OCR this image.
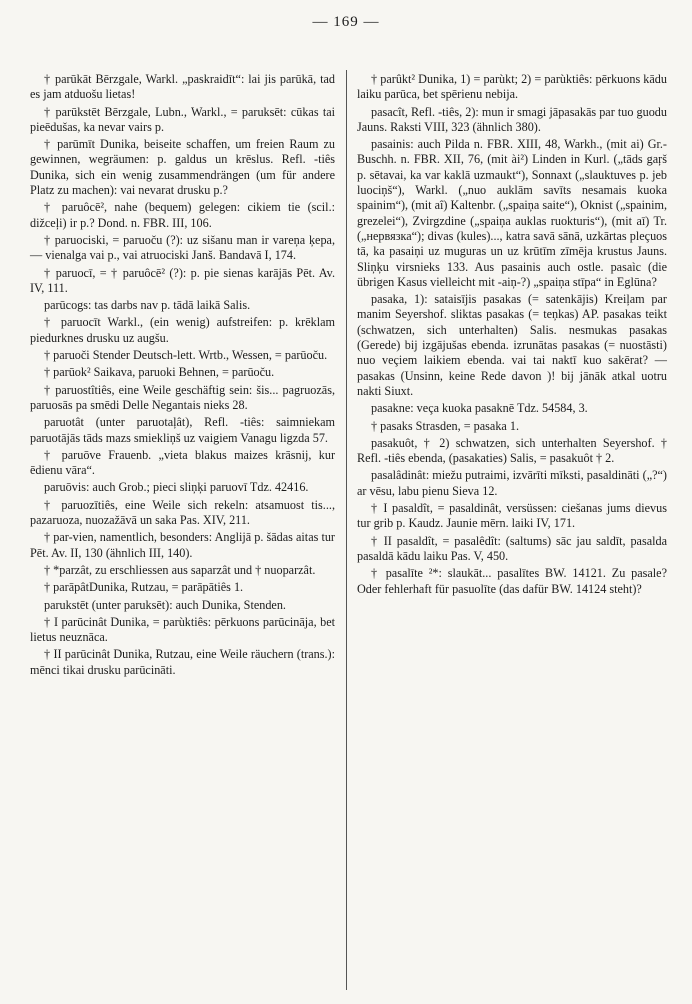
— 169 —

† parūkāt Bērzgale, Warkl. „paskraidīt“: lai jis parūkā, tad es jam atduošu lietas!

† parūkstēt Bērzgale, Lubn., Warkl., = paruksēt: cūkas tai pieēdušas, ka nevar vairs p.

† parūmīt Dunika, beiseite schaffen, um freien Raum zu gewinnen, wegräumen: p. galdus un krēslus. Refl. -tiês Dunika, sich ein wenig zusammendrängen (um für andere Platz zu machen): vai nevarat drusku p.?

† paruôcē², nahe (bequem) gelegen: cikiem tie (scil.: dižceļi) ir p.? Dond. n. FBR. III, 106.

† paruociski, = paruoču (?): uz sišanu man ir vareņa ķepa, — vienalga vai p., vai atruociski Janš. Bandavā I, 174.

† paruocī, = † paruôcē² (?): p. pie sienas karājās Pēt. Av. IV, 111.

parūcogs: tas darbs nav p. tādā laikā Salis.

† paruocīt Warkl., (ein wenig) aufstreifen: p. krēklam piedurknes drusku uz augšu.

† paruoči Stender Deutsch-lett. Wrtb., Wessen, = parūoču.

† parūok² Saikava, paruoki Behnen, = parūoču.

† paruostîtiês, eine Weile geschäftig sein: šis... pagruozās, paruosās pa smēdi Delle Negantais nieks 28.

paruotât (unter paruotaļât), Refl. -tiês: saimniekam paruotājās tāds mazs smiekliņš uz vaigiem Vanagu ligzda 57.

† paruōve Frauenb. „vieta blakus maizes krāsnij, kur ēdienu vāra“.

paruōvis: auch Grob.; pieci sliņķi paruovī Tdz. 42416.

† paruozītiês, eine Weile sich rekeln: atsamuost tis..., pazaruoza, nuozažāvā un saka Pas. XIV, 211.

† par-vien, namentlich, besonders: Anglijā p. šādas aitas tur Pēt. Av. II, 130 (ähnlich III, 140).

† *parzât, zu erschliessen aus saparzât und † nuoparzât.

† parāpâtDunika, Rutzau, = parāpātiês 1.

parukstēt (unter paruksēt): auch Dunika, Stenden.

† I parūcinât Dunika, = parùktiês: pērkuons parūcināja, bet lietus neuznāca.

† II parūcinât Dunika, Rutzau, eine Weile räuchern (trans.): mēnci tikai drusku parūcināti.

† parûkt² Dunika, 1) = parùkt; 2) = parùktiês: pērkuons kādu laiku parūca, bet spērienu nebija.

pasacît, Refl. -tiês, 2): mun ir smagi jāpasakās par tuo guodu Jauns. Raksti VIII, 323 (ähnlich 380).

pasainis: auch Pilda n. FBR. XIII, 48, Warkh., (mit ai) Gr.-Buschh. n. FBR. XII, 76, (mit ài²) Linden in Kurl. („tāds gaŗš p. sētavai, ka var kaklā uzmaukt“), Sonnaxt („slauktuves p. jeb luociņš“), Warkl. („nuo auklām savīts nesamais kuoka spainim“), (mit aî) Kaltenbr. („spaiņa saite“), Oknist („spainim, grezelei“), Zvirgzdine („spaiņa auklas ruokturis“), (mit aī) Tr. („нервязка“); divas (kules)..., katra savā sānā, uzkārtas pleçuos tā, ka pasaiņi uz muguras un uz krūtīm zīmēja krustus Jauns. Sliņķu virsnieks 133. Aus pasainis auch ostle. pasaìc (die übrigen Kasus vielleicht mit -aiņ-?) „spaiņa stīpa“ in Eglūna?

pasaka, 1): sataisījis pasakas (= satenkājis) Kreiļam par manim Seyershof. sliktas pasakas (= teņkas) AP. pasakas teikt (schwatzen, sich unterhalten) Salis. nesmukas pasakas (Gerede) bij izgājušas ebenda. izrunātas pasakas (= nuostāsti) nuo veçiem laikiem ebenda. vai tai naktī kuo sakērat? — pasakas (Unsinn, keine Rede davon )! bij jānāk atkal uotru nakti Siuxt.

pasakne: veça kuoka pasaknē Tdz. 54584, 3.

† pasaks Strasden, = pasaka 1.

pasakuôt, † 2) schwatzen, sich unterhalten Seyershof. † Refl. -tiês ebenda, (pasakaties) Salis, = pasakuôt † 2.

pasalâdinât: miežu putraimi, izvārīti mīksti, pasaldināti („?“) ar vēsu, labu pienu Sieva 12.

† I pasaldît, = pasaldinât, versüssen: ciešanas jums dievus tur grib p. Kaudz. Jaunie mērn. laiki IV, 171.

† II pasaldît, = pasalêdît: (saltums) sāc jau saldīt, pasalda pasaldā kādu laiku Pas. V, 450.

† pasalīte ²*: slaukāt... pasalītes BW. 14121. Zu pasale? Oder fehlerhaft für pasuolīte (das dafür BW. 14124 steht)?
